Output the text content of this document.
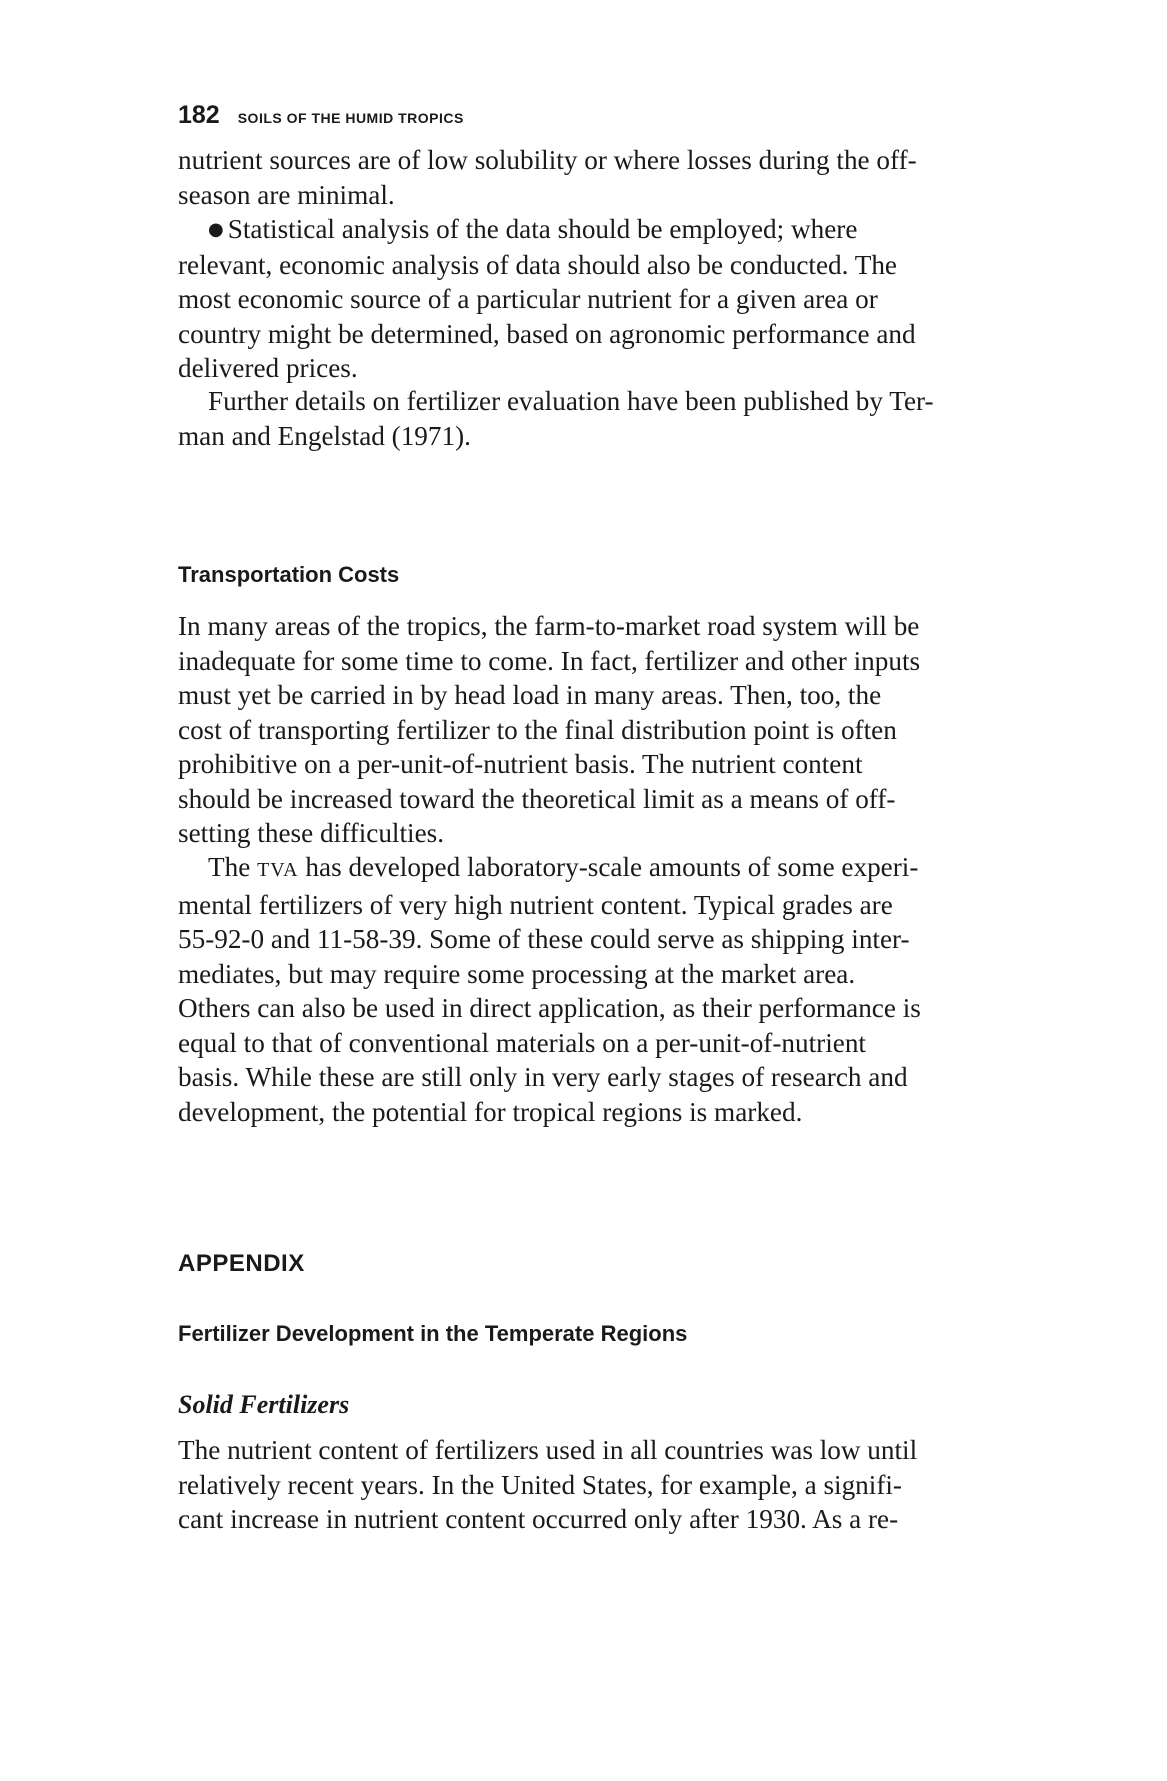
182 SOILS OF THE HUMID TROPICS

nutrient sources are of low solubility or where losses during the off-
season are minimal.
● Statistical analysis of the data should be employed; where
relevant, economic analysis of data should also be conducted. The
most economic source of a particular nutrient for a given area or
country might be determined, based on agronomic performance and
delivered prices.

Further details on fertilizer evaluation have been published by Ter-
man and Engelstad (1971).

Transportation Costs

In many areas of the tropics, the farm-to-market road system will be
inadequate for some time to come. In fact, fertilizer and other inputs
must yet be carried in by head load in many areas. Then, too, the
cost of transporting fertilizer to the final distribution point is often
prohibitive on a per-unit-of-nutrient basis. The nutrient content
should be increased toward the theoretical limit as a means of off-
setting these difficulties.

The TVA has developed laboratory-scale amounts of some experi-
mental fertilizers of very high nutrient content. Typical grades are
55-92-0 and 11-58-39. Some of these could serve as shipping inter-
mediates, but may require some processing at the market area.
Others can also be used in direct application, as their performance is
equal to that of conventional materials on a per-unit-of-nutrient
basis. While these are still only in very early stages of research and
development, the potential for tropical regions is marked.

APPENDIX
Fertilizer Development in the Temperate Regions
Solid Fertilizers

The nutrient content of fertilizers used in all countries was low until
relatively recent years. In the United States, for example, a signifi-
cant increase in nutrient content occurred only after 1930. As a re-
